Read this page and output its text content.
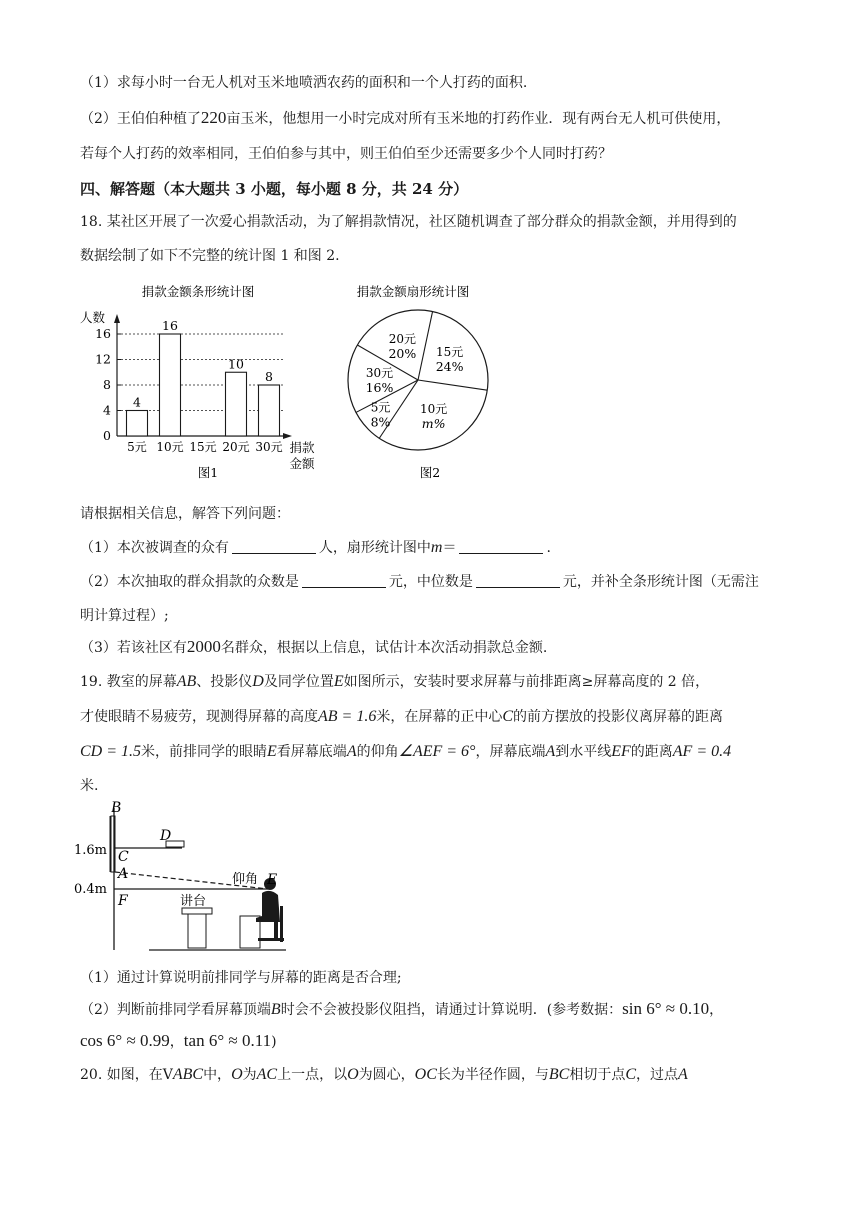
（1）求每小时一台无人机对玉米地喷洒农药的面积和一个人打药的面积.
（2）王伯伯种植了220亩玉米，他想用一小时完成对所有玉米地的打药作业．现有两台无人机可供使用，
若每个人打药的效率相同，王伯伯参与其中，则王伯伯至少还需要多少个人同时打药？
四、解答题（本大题共 3 小题，每小题 8 分，共 24 分）
18. 某社区开展了一次爱心捐款活动，为了解捐款情况，社区随机调查了部分群众的捐款金额，并用得到的
数据绘制了如下不完整的统计图 1 和图 2.
捐款金额条形统计图
人数
0
4
8
12
16
4
16
10
8
5元 10元 15元 20元 30元 捐款
金额
图1
捐款金额扇形统计图
15元
24%
10元
m%
5元
8%
30元
16%
20元
20%
图2
请根据相关信息，解答下列问题：
（1）本次被调查的众有	人，扇形统计图中m＝	.
（2）本次抽取的群众捐款的众数是	元，中位数是	元，并补全条形统计图（无需注
明计算过程）;
（3）若该社区有2000名群众，根据以上信息，试估计本次活动捐款总金额.
19. 教室的屏幕AB、投影仪D及同学位置E如图所示，安装时要求屏幕与前排距离≥屏幕高度的 2 倍，
才使眼睛不易疲劳，现测得屏幕的高度AB = 1.6米，在屏幕的正中心C的前方摆放的投影仪离屏幕的距离
CD = 1.5米，前排同学的眼睛E看屏幕底端A的仰角∠AEF = 6°，屏幕底端A到水平线EF的距离AF = 0.4
米.
B
D
C
A
F
E
1.6m
0.4m
仰角
讲台
（1）通过计算说明前排同学与屏幕的距离是否合理;
（2）判断前排同学看屏幕顶端B时会不会被投影仪阻挡，请通过计算说明．(参考数据：sin 6° ≈ 0.10，
cos 6° ≈ 0.99，tan 6° ≈ 0.11)
20. 如图，在VABC中，O为AC上一点，以O为圆心，OC长为半径作圆，与BC相切于点C，过点A
